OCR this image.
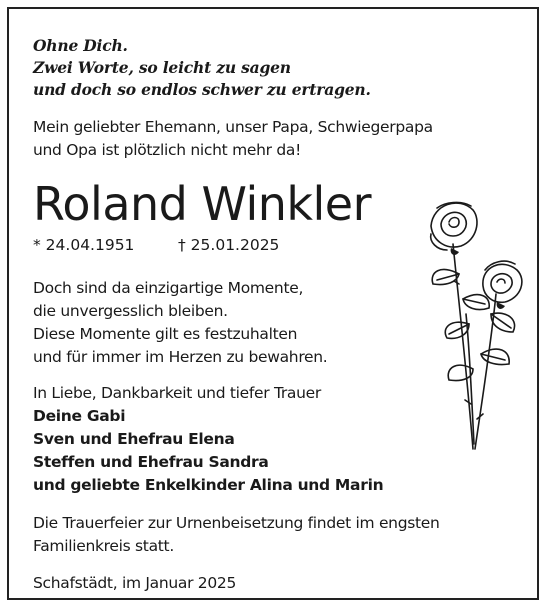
Ohne Dich.
Zwei Worte, so leicht zu sagen
und doch so endlos schwer zu ertragen.
Mein geliebter Ehemann, unser Papa, Schwiegerpapa
und Opa ist plötzlich nicht mehr da!
Roland Winkler
* 24.04.1951	† 25.01.2025
Doch sind da einzigartige Momente,
die unvergesslich bleiben.
Diese Momente gilt es festzuhalten
und für immer im Herzen zu bewahren.
In Liebe, Dankbarkeit und tiefer Trauer
Deine Gabi
Sven und Ehefrau Elena
Steffen und Ehefrau Sandra
und geliebte Enkelkinder Alina und Marin
Die Trauerfeier zur Urnenbeisetzung findet im engsten
Familienkreis statt.
Schafstädt, im Januar 2025
